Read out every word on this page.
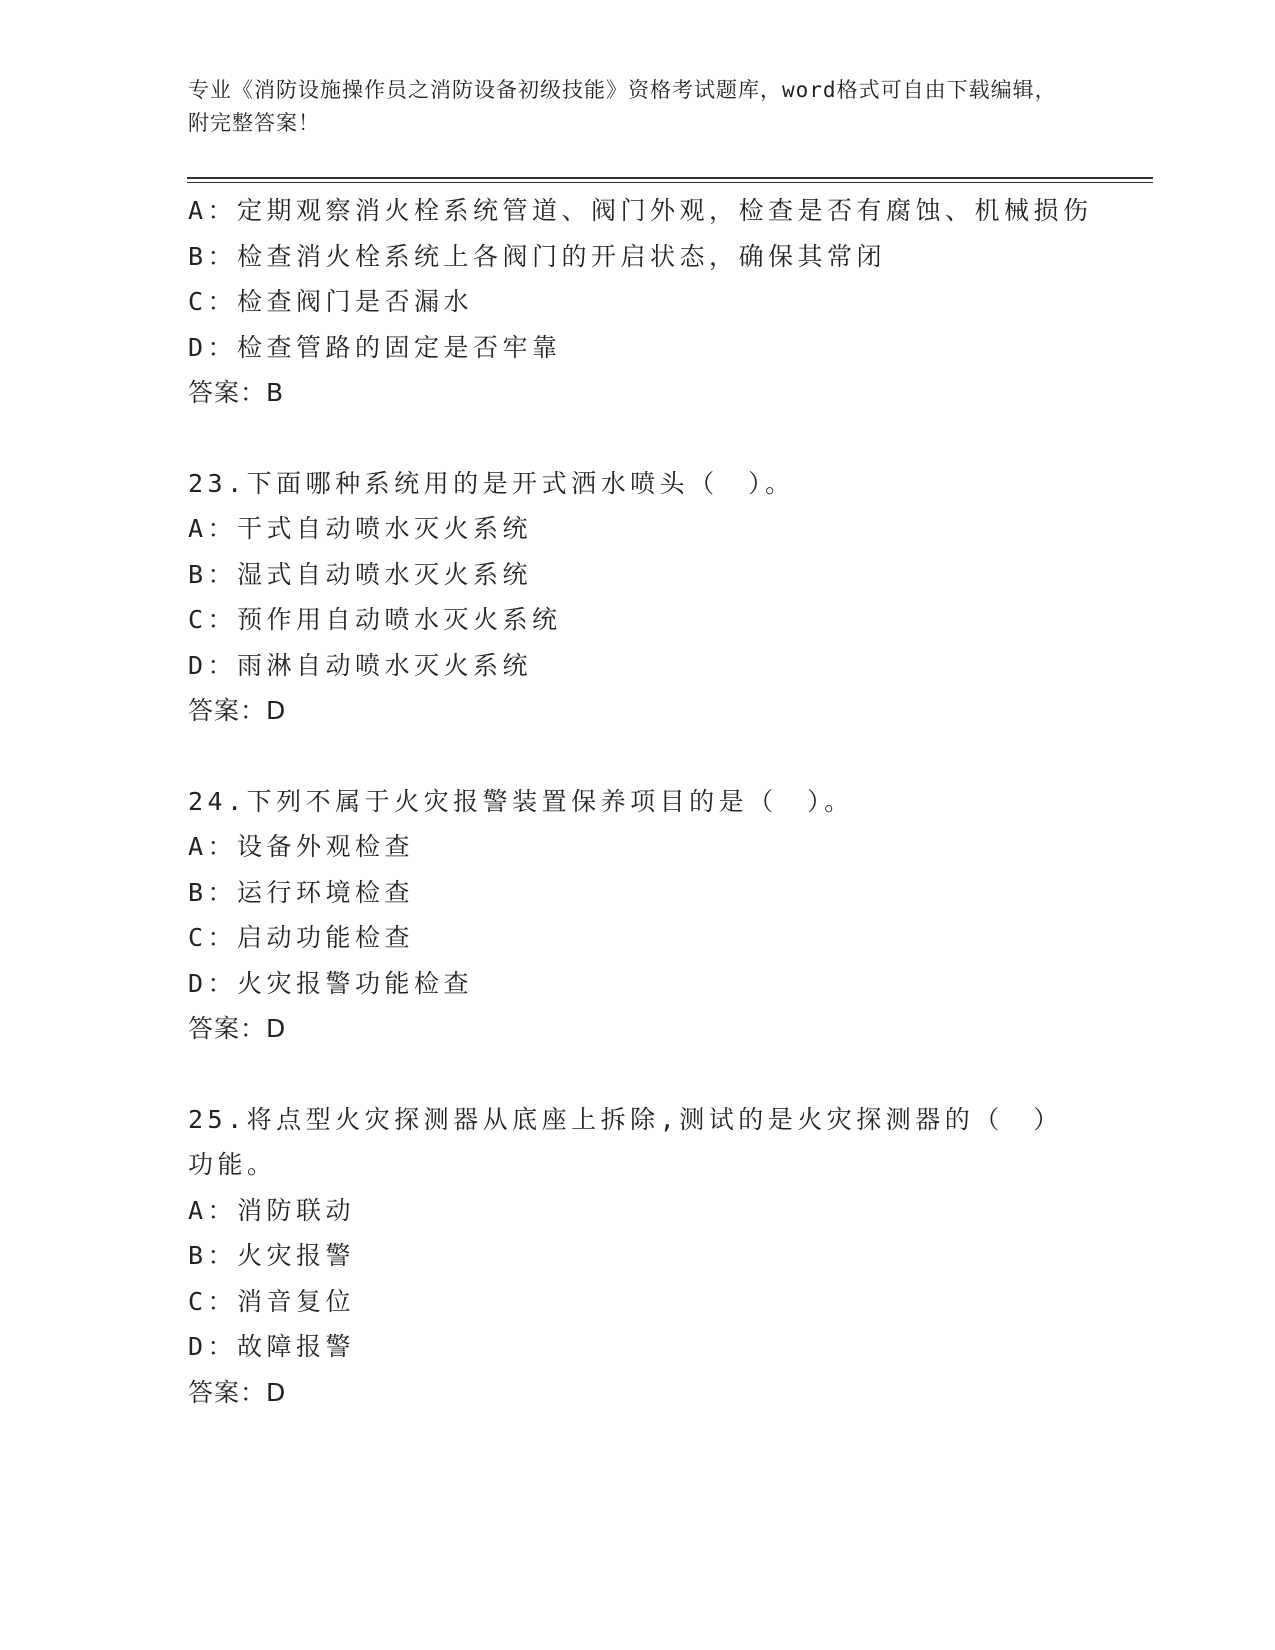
专业《消防设施操作员之消防设备初级技能》资格考试题库，word格式可自由下载编辑，附完整答案！
A：定期观察消火栓系统管道、阀门外观，检查是否有腐蚀、机械损伤
B：检查消火栓系统上各阀门的开启状态，确保其常闭
C：检查阀门是否漏水
D：检查管路的固定是否牢靠
答案：B
23.下面哪种系统用的是开式洒水喷头（　）。
A：干式自动喷水灭火系统
B：湿式自动喷水灭火系统
C：预作用自动喷水灭火系统
D：雨淋自动喷水灭火系统
答案：D
24.下列不属于火灾报警装置保养项目的是（　）。
A：设备外观检查
B：运行环境检查
C：启动功能检查
D：火灾报警功能检查
答案：D
25.将点型火灾探测器从底座上拆除,测试的是火灾探测器的（　）功能。
A：消防联动
B：火灾报警
C：消音复位
D：故障报警
答案：D
